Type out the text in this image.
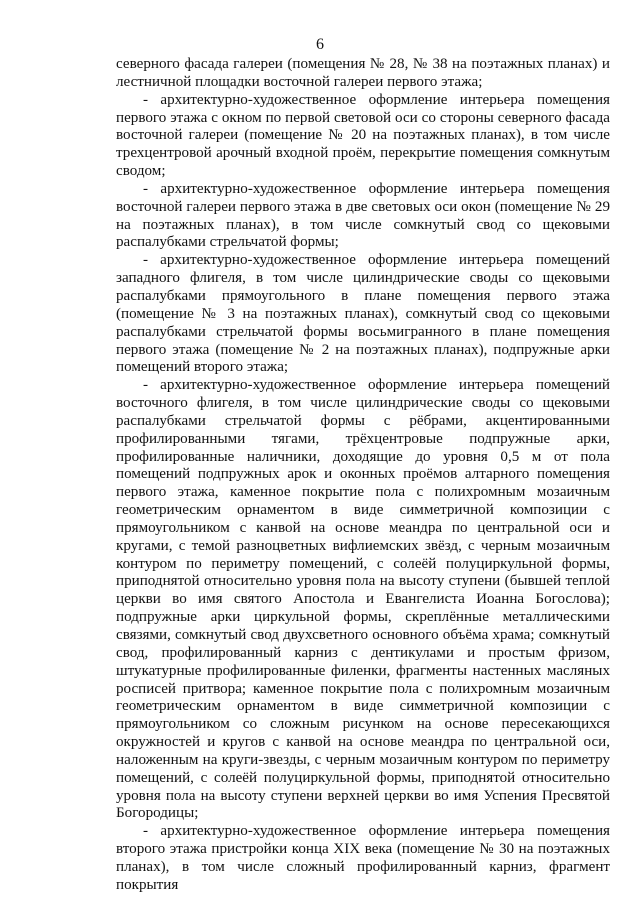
6

северного фасада галереи (помещения № 28, № 38 на поэтажных планах) и лестничной площадки восточной галереи первого этажа;

- архитектурно-художественное оформление интерьера помещения первого этажа с окном по первой световой оси со стороны северного фасада восточной галереи (помещение № 20 на поэтажных планах), в том числе трехцентровой арочный входной проём, перекрытие помещения сомкнутым сводом;

- архитектурно-художественное оформление интерьера помещения восточной галереи первого этажа в две световых оси окон (помещение № 29 на поэтажных планах), в том числе сомкнутый свод со щековыми распалубками стрельчатой формы;

- архитектурно-художественное оформление интерьера помещений западного флигеля, в том числе цилиндрические своды со щековыми распалубками прямоугольного в плане помещения первого этажа (помещение № 3 на поэтажных планах), сомкнутый свод со щековыми распалубками стрельчатой формы восьмигранного в плане помещения первого этажа (помещение № 2 на поэтажных планах), подпружные арки помещений второго этажа;

- архитектурно-художественное оформление интерьера помещений восточного флигеля, в том числе цилиндрические своды со щековыми распалубками стрельчатой формы с рёбрами, акцентированными профилированными тягами, трёхцентровые подпружные арки, профилированные наличники, доходящие до уровня 0,5 м от пола помещений подпружных арок и оконных проёмов алтарного помещения первого этажа, каменное покрытие пола с полихромным мозаичным геометрическим орнаментом в виде симметричной композиции с прямоугольником с канвой на основе меандра по центральной оси и кругами, с темой разноцветных вифлиемских звёзд, с черным мозаичным контуром по периметру помещений, с солеёй полуциркульной формы, приподнятой относительно уровня пола на высоту ступени (бывшей теплой церкви во имя святого Апостола и Евангелиста Иоанна Богослова); подпружные арки циркульной формы, скреплённые металлическими связями, сомкнутый свод двухсветного основного объёма храма; сомкнутый свод, профилированный карниз с дентикулами и простым фризом, штукатурные профилированные филенки, фрагменты настенных масляных росписей притвора; каменное покрытие пола с полихромным мозаичным геометрическим орнаментом в виде симметричной композиции с прямоугольником со сложным рисунком на основе пересекающихся окружностей и кругов с канвой на основе меандра по центральной оси, наложенным на круги-звезды, с черным мозаичным контуром по периметру помещений, с солеёй полуциркульной формы, приподнятой относительно уровня пола на высоту ступени верхней церкви во имя Успения Пресвятой Богородицы;

- архитектурно-художественное оформление интерьера помещения второго этажа пристройки конца XIX века (помещение № 30 на поэтажных планах), в том числе сложный профилированный карниз, фрагмент покрытия
